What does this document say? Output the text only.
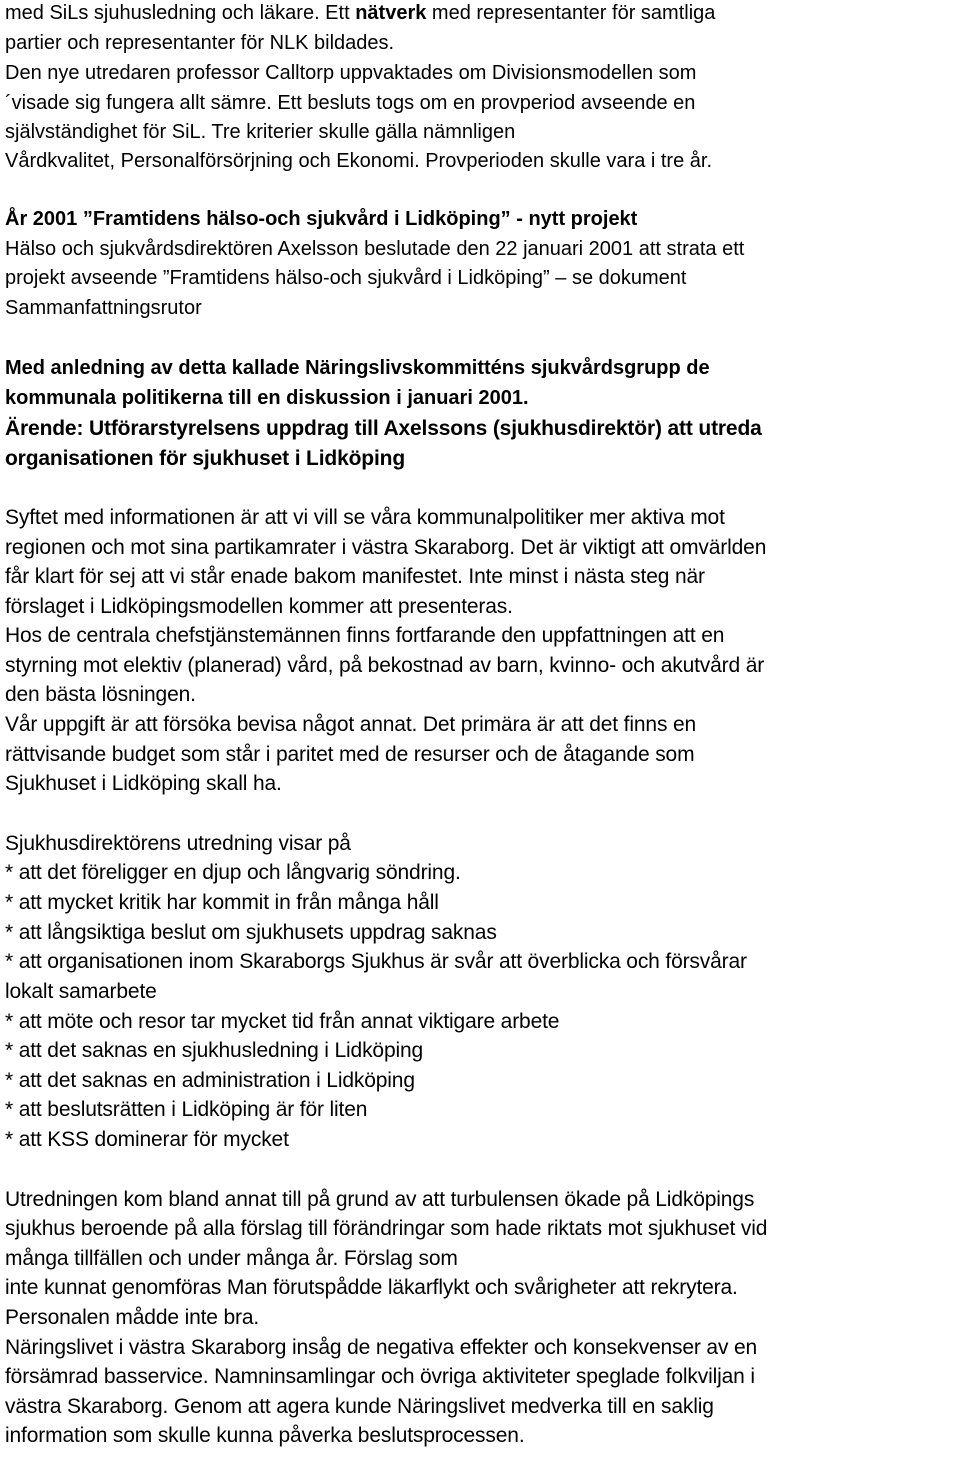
med SiLs sjuhusledning och läkare. Ett nätverk med representanter för samtliga
partier och representanter för NLK bildades.
Den nye utredaren professor Calltorp uppvaktades om Divisionsmodellen som
´visade sig fungera allt sämre. Ett besluts togs om en provperiod avseende en
självständighet för SiL. Tre kriterier skulle gälla nämnligen
Vårdkvalitet, Personalförsörjning och Ekonomi. Provperioden skulle vara i tre år.
År 2001 ”Framtidens hälso-och sjukvård i Lidköping” - nytt projekt
Hälso och sjukvårdsdirektören Axelsson beslutade den 22 januari 2001 att strata ett
projekt avseende ”Framtidens hälso-och sjukvård i Lidköping” – se dokument
Sammanfattningsrutor
Med anledning av detta kallade Näringslivskommitténs sjukvårdsgrupp de
kommunala politikerna till en diskussion i januari 2001.
Ärende: Utförarstyrelsens uppdrag till Axelssons (sjukhusdirektör) att utreda
organisationen för sjukhuset i Lidköping
Syftet med informationen är att vi vill se våra kommunalpolitiker mer aktiva mot
regionen och mot sina partikamrater i västra Skaraborg. Det är viktigt att omvärlden
får klart för sej att vi står enade bakom manifestet. Inte minst i nästa steg när
förslaget i Lidköpingsmodellen kommer att presenteras.
Hos de centrala chefstjänstemännen finns fortfarande den uppfattningen att en
styrning mot elektiv (planerad) vård, på bekostnad av barn, kvinno- och akutvård är
den bästa lösningen.
Vår uppgift är att försöka bevisa något annat. Det primära är att det finns en
rättvisande budget som står i paritet med de resurser och de åtagande som
Sjukhuset i Lidköping skall ha.
Sjukhusdirektörens utredning visar på
* att det föreligger en djup och långvarig söndring.
* att mycket kritik har kommit in från många håll
* att långsiktiga beslut om sjukhusets uppdrag saknas
* att organisationen inom Skaraborgs Sjukhus är svår att överblicka och försvårar
lokalt samarbete
* att möte och resor tar mycket tid från annat viktigare arbete
* att det saknas en sjukhusledning i Lidköping
* att det saknas en administration i Lidköping
* att beslutsrätten i Lidköping är för liten
* att KSS dominerar för mycket
Utredningen kom bland annat till på grund av att turbulensen ökade på Lidköpings
sjukhus beroende på alla förslag till förändringar som hade riktats mot sjukhuset vid
många tillfällen och under många år. Förslag som
inte kunnat genomföras Man förutspådde läkarflykt och svårigheter att rekrytera.
Personalen mådde inte bra.
Näringslivet i västra Skaraborg insåg de negativa effekter och konsekvenser av en
försämrad basservice. Namninsamlingar och övriga aktiviteter speglade folkviljan i
västra Skaraborg. Genom att agera kunde Näringslivet medverka till en saklig
information som skulle kunna påverka beslutsprocessen.
